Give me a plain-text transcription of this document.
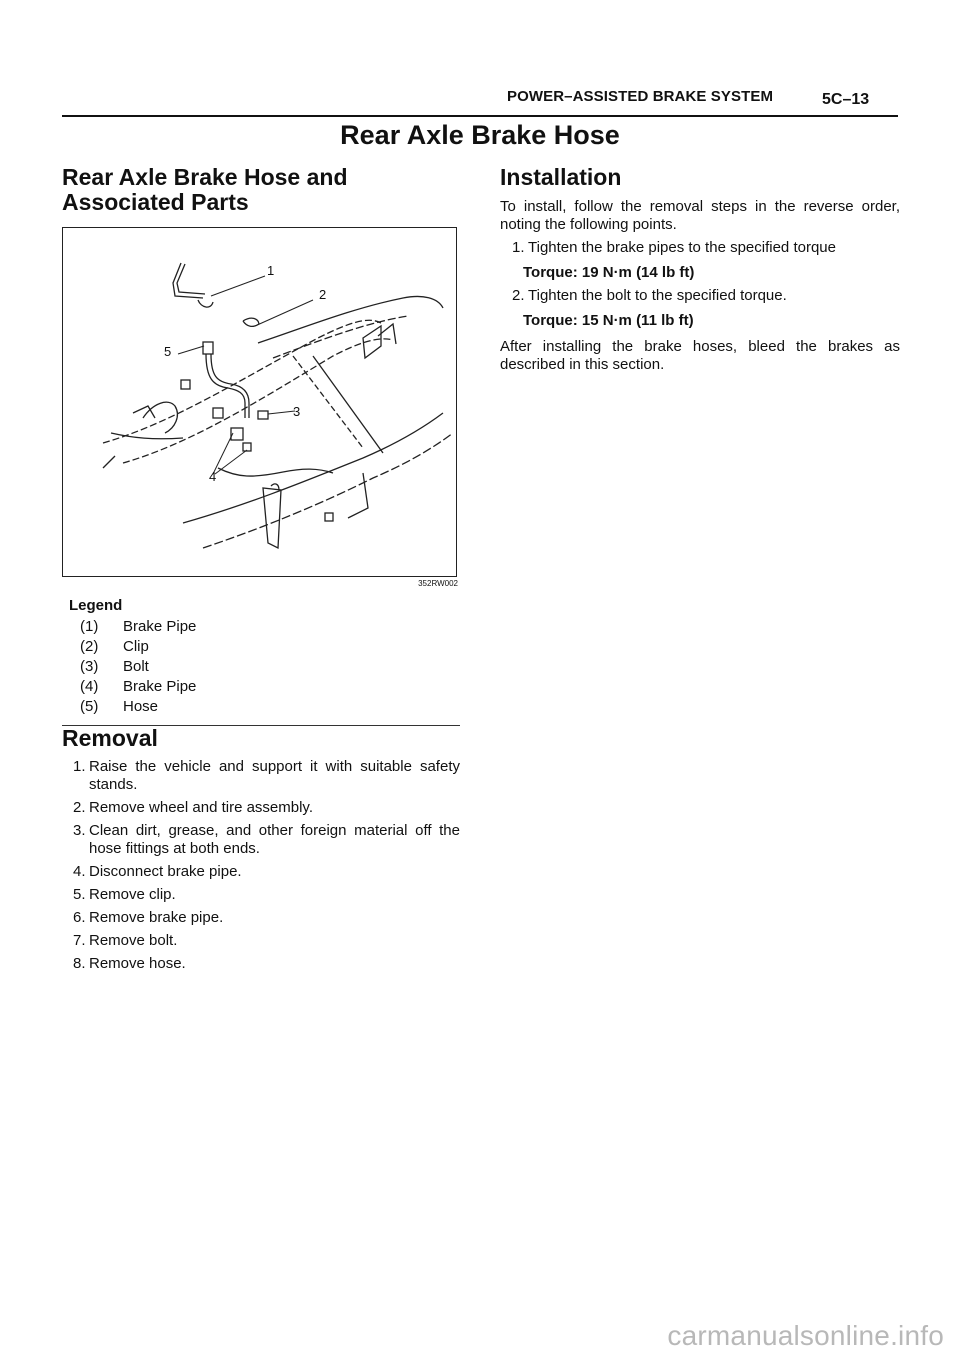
POWER–ASSISTED BRAKE SYSTEM	5C–13
Rear Axle Brake Hose
Rear Axle Brake Hose and Associated Parts
1
2
3
4
5
352RW002
Legend
(1)	Brake Pipe
(2)	Clip
(3)	Bolt
(4)	Brake Pipe
(5)	Hose
Removal
1. Raise the vehicle and support it with suitable safety stands.
2. Remove wheel and tire assembly.
3. Clean dirt, grease, and other foreign material off the hose fittings at both ends.
4. Disconnect brake pipe.
5. Remove clip.
6. Remove brake pipe.
7. Remove bolt.
8. Remove hose.
Installation
To install, follow the removal steps in the reverse order, noting the following points.
1. Tighten the brake pipes to the specified torque
Torque: 19 N·m (14 lb ft)
2. Tighten the bolt to the specified torque.
Torque: 15 N·m (11 lb ft)
After installing the brake hoses, bleed the brakes as described in this section.
carmanualsonline.info
